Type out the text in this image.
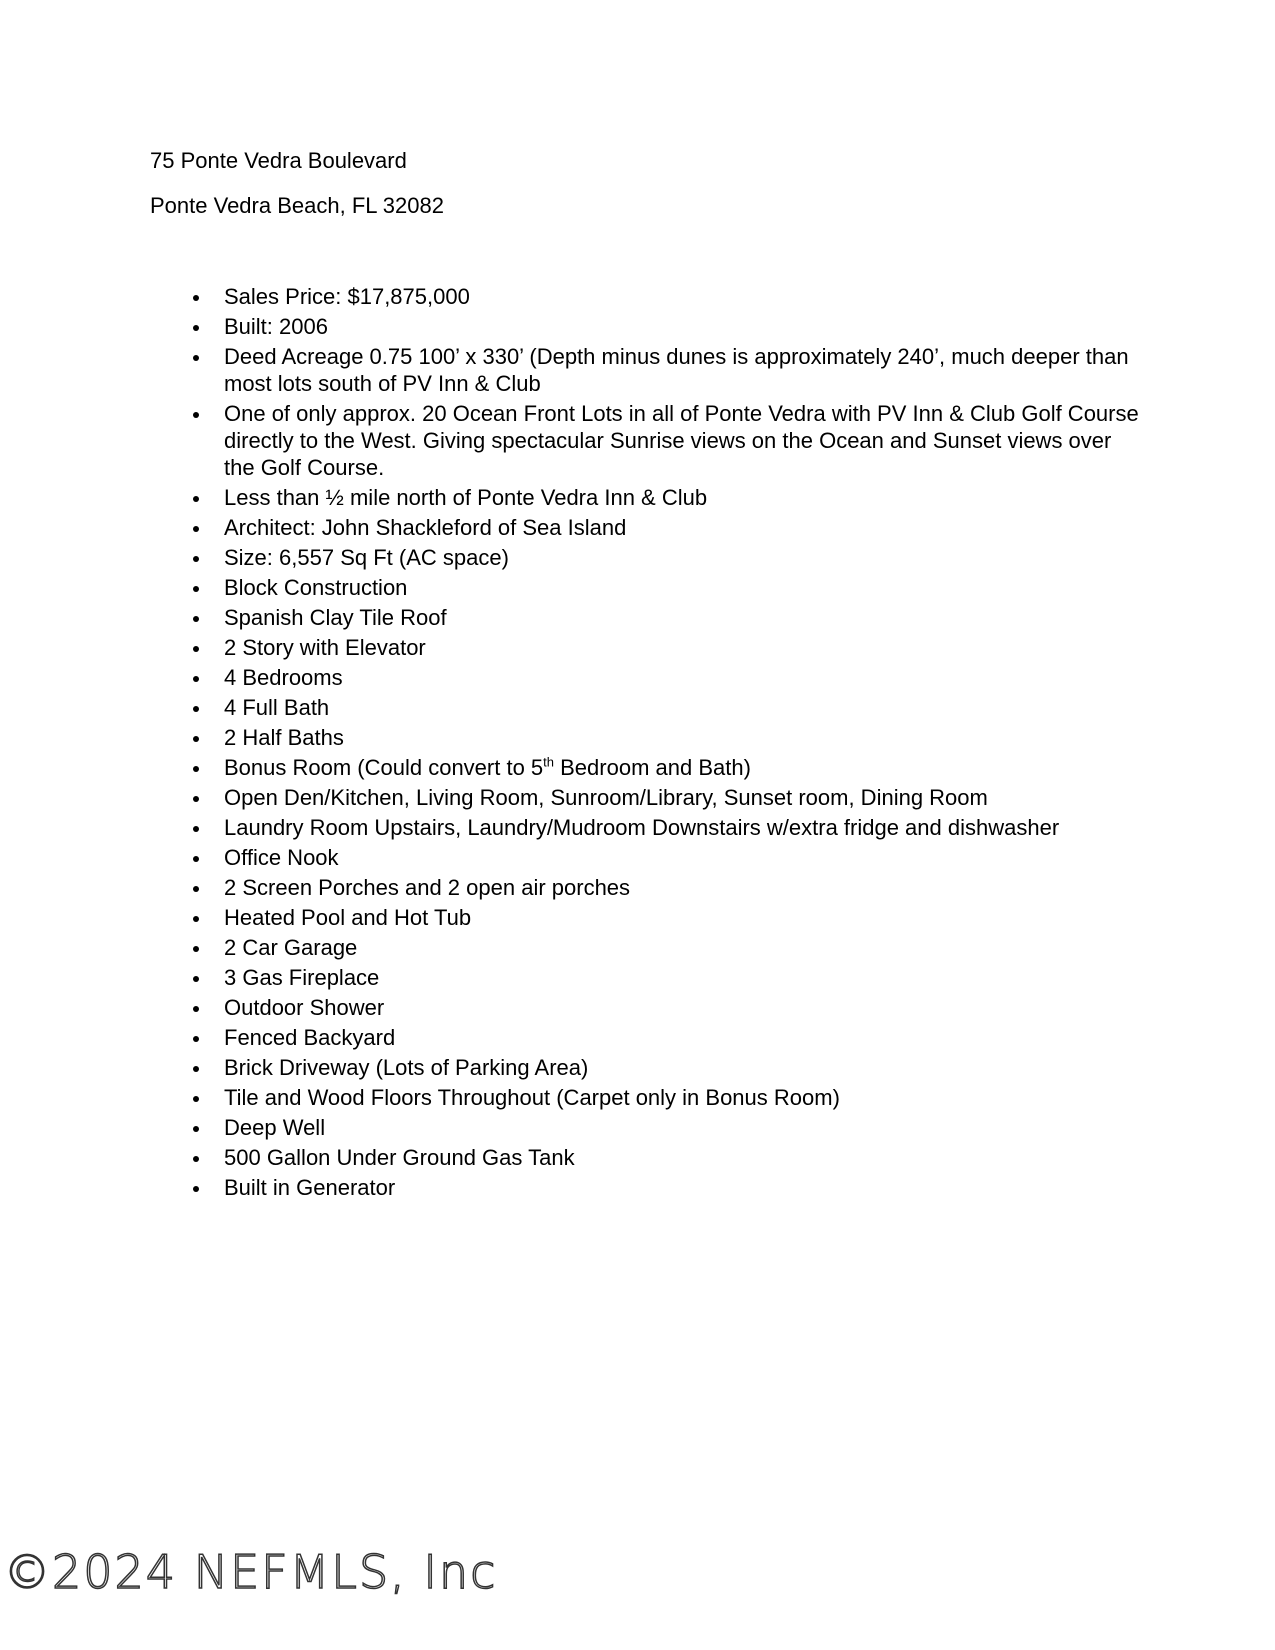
75 Ponte Vedra Boulevard
Ponte Vedra Beach, FL 32082
Sales Price: $17,875,000
Built: 2006
Deed Acreage 0.75 100’ x 330’ (Depth minus dunes is approximately 240’, much deeper than most lots south of PV Inn & Club
One of only approx. 20 Ocean Front Lots in all of Ponte Vedra with PV Inn & Club Golf Course directly to the West. Giving spectacular Sunrise views on the Ocean and Sunset views over the Golf Course.
Less than ½ mile north of Ponte Vedra Inn & Club
Architect: John Shackleford of Sea Island
Size: 6,557 Sq Ft (AC space)
Block Construction
Spanish Clay Tile Roof
2 Story with Elevator
4 Bedrooms
4 Full Bath
2 Half Baths
Bonus Room (Could convert to 5th Bedroom and Bath)
Open Den/Kitchen, Living Room, Sunroom/Library, Sunset room, Dining Room
Laundry Room Upstairs, Laundry/Mudroom Downstairs w/extra fridge and dishwasher
Office Nook
2 Screen Porches and 2 open air porches
Heated Pool and Hot Tub
2 Car Garage
3 Gas Fireplace
Outdoor Shower
Fenced Backyard
Brick Driveway (Lots of Parking Area)
Tile and Wood Floors Throughout (Carpet only in Bonus Room)
Deep Well
500 Gallon Under Ground Gas Tank
Built in Generator
©2024 NEFMLS, Inc
